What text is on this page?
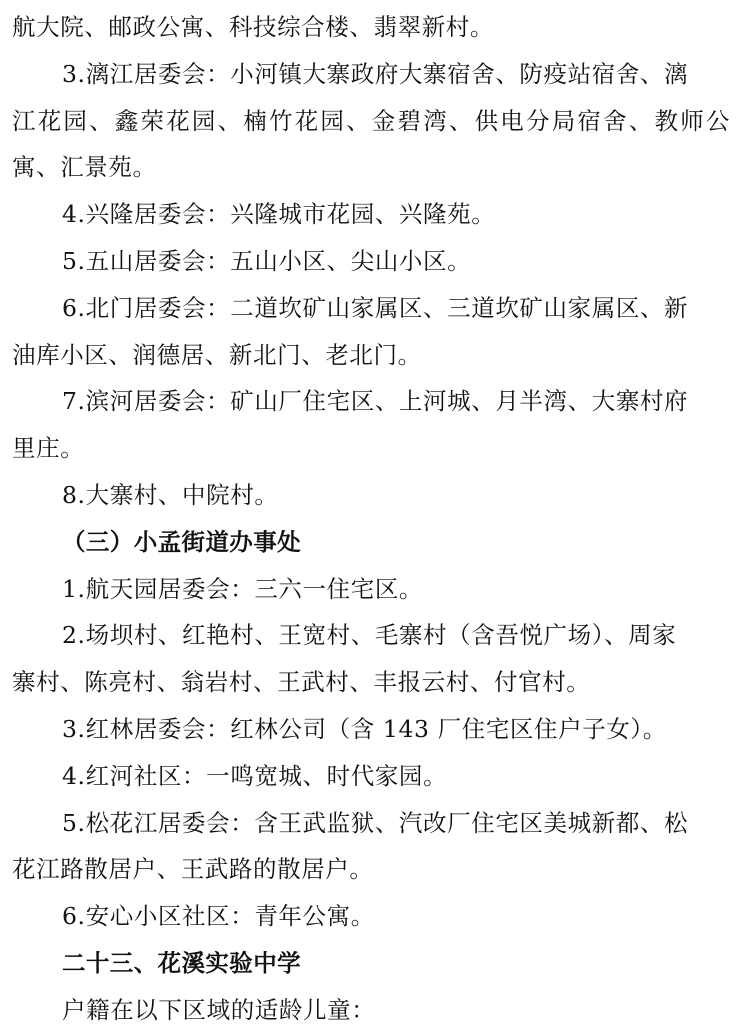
航大院、邮政公寓、科技综合楼、翡翠新村。
3.漓江居委会：小河镇大寨政府大寨宿舍、防疫站宿舍、漓
江花园、鑫荣花园、楠竹花园、金碧湾、供电分局宿舍、教师公
寓、汇景苑。
4.兴隆居委会：兴隆城市花园、兴隆苑。
5.五山居委会：五山小区、尖山小区。
6.北门居委会：二道坎矿山家属区、三道坎矿山家属区、新
油库小区、润德居、新北门、老北门。
7.滨河居委会：矿山厂住宅区、上河城、月半湾、大寨村府
里庄。
8.大寨村、中院村。
（三）小孟街道办事处
1.航天园居委会：三六一住宅区。
2.场坝村、红艳村、王宽村、毛寨村（含吾悦广场）、周家
寨村、陈亮村、翁岩村、王武村、丰报云村、付官村。
3.红林居委会：红林公司（含 143 厂住宅区住户子女）。
4.红河社区：一鸣宽城、时代家园。
5.松花江居委会：含王武监狱、汽改厂住宅区美城新都、松
花江路散居户、王武路的散居户。
6.安心小区社区：青年公寓。
二十三、花溪实验中学
户籍在以下区域的适龄儿童：
